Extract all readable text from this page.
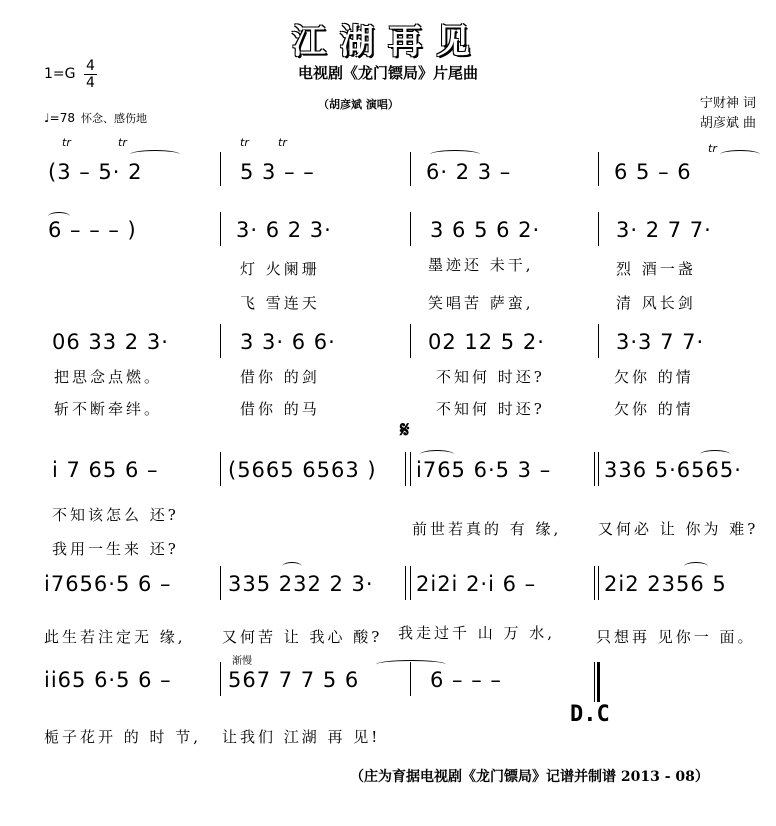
江湖再见
电视剧《龙门镖局》片尾曲
（胡彦斌 演唱）	宁财神 词
胡彦斌 曲
$1=G \frac{4}{4}$
♩=78 怀念、感伤地
tr	tr	tr	tr	tr
(3 – 5· 2	5 3 – –	6· 2 3 –	6 5 – 6
6 – – – )	3· 6 2 3·	3 6 5 6 2·	3· 2 7 7·
灯 火阑珊	墨迹还 未干,	烈 酒一盏
飞 雪连天	笑唱苦 萨蛮,	清 风长剑
06 33 2 3·	3 3· 6 6·	02 12 5 2·	3·3 7 7·
把思念点燃。	借你 的剑	不知何 时还?	欠你 的情
斩不断牵绊。	借你 的马	不知何 时还?	欠你 的情
𝄋
i 7 65 6 –	(5665 6563 ) i765 6·5 3 –	336 5·6565·
不知该怎么 还?
前世若真的 有 缘, 又何必 让 你为 难?
我用一生来 还?
i7656·5 6 –	335 232 2 3· 2i2i 2·i 6 –	2i2 2356 5
此生若注定无 缘, 又何苦 让 我心 酸? 我走过千 山 万 水,	只想再 见你一 面。
渐慢
ii65 6·5 6 –	567 7 7 5 6	6 – – –
栀子花开 的 时 节, 让我们 江湖 再 见!
D.C
（庄为育据电视剧《龙门镖局》记谱并制谱 2013 - 08）
